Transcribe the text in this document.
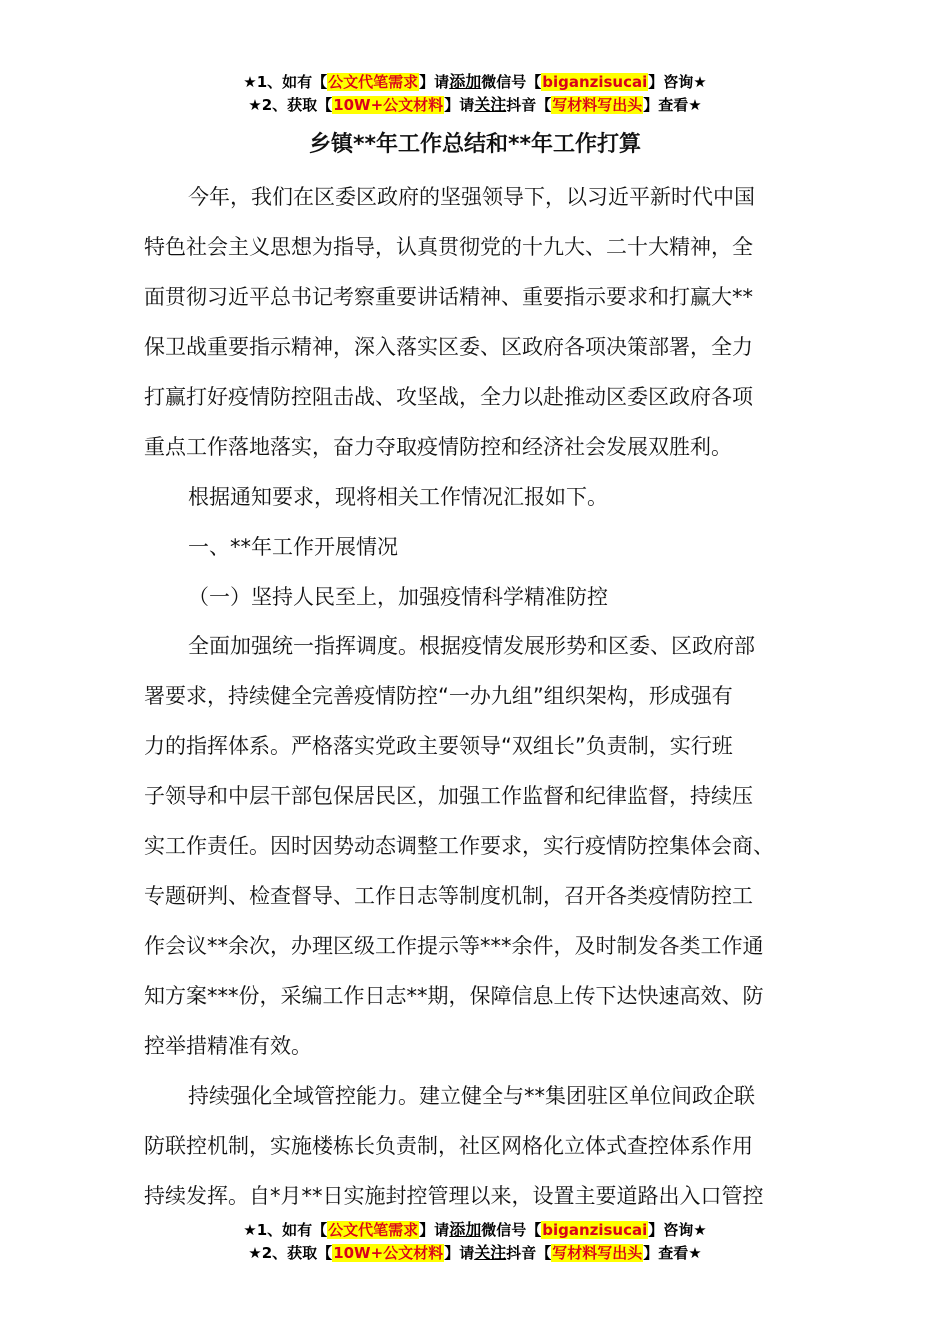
★1、如有【公文代笔需求】请添加微信号【biganzisucai】咨询★
★2、获取【10W+公文材料】请关注抖音【写材料写出头】查看★
乡镇**年工作总结和**年工作打算
今年，我们在区委区政府的坚强领导下，以习近平新时代中国
特色社会主义思想为指导，认真贯彻党的十九大、二十大精神，全
面贯彻习近平总书记考察重要讲话精神、重要指示要求和打赢大**
保卫战重要指示精神，深入落实区委、区政府各项决策部署，全力
打赢打好疫情防控阻击战、攻坚战，全力以赴推动区委区政府各项
重点工作落地落实，奋力夺取疫情防控和经济社会发展双胜利。
根据通知要求，现将相关工作情况汇报如下。
一、**年工作开展情况
（一）坚持人民至上，加强疫情科学精准防控
全面加强统一指挥调度。根据疫情发展形势和区委、区政府部
署要求，持续健全完善疫情防控“一办九组”组织架构，形成强有
力的指挥体系。严格落实党政主要领导“双组长”负责制，实行班
子领导和中层干部包保居民区，加强工作监督和纪律监督，持续压
实工作责任。因时因势动态调整工作要求，实行疫情防控集体会商、
专题研判、检查督导、工作日志等制度机制，召开各类疫情防控工
作会议**余次，办理区级工作提示等***余件，及时制发各类工作通
知方案***份，采编工作日志**期，保障信息上传下达快速高效、防
控举措精准有效。
持续强化全域管控能力。建立健全与**集团驻区单位间政企联
防联控机制，实施楼栋长负责制，社区网格化立体式查控体系作用
持续发挥。自*月**日实施封控管理以来，设置主要道路出入口管控
★1、如有【公文代笔需求】请添加微信号【biganzisucai】咨询★
★2、获取【10W+公文材料】请关注抖音【写材料写出头】查看★
